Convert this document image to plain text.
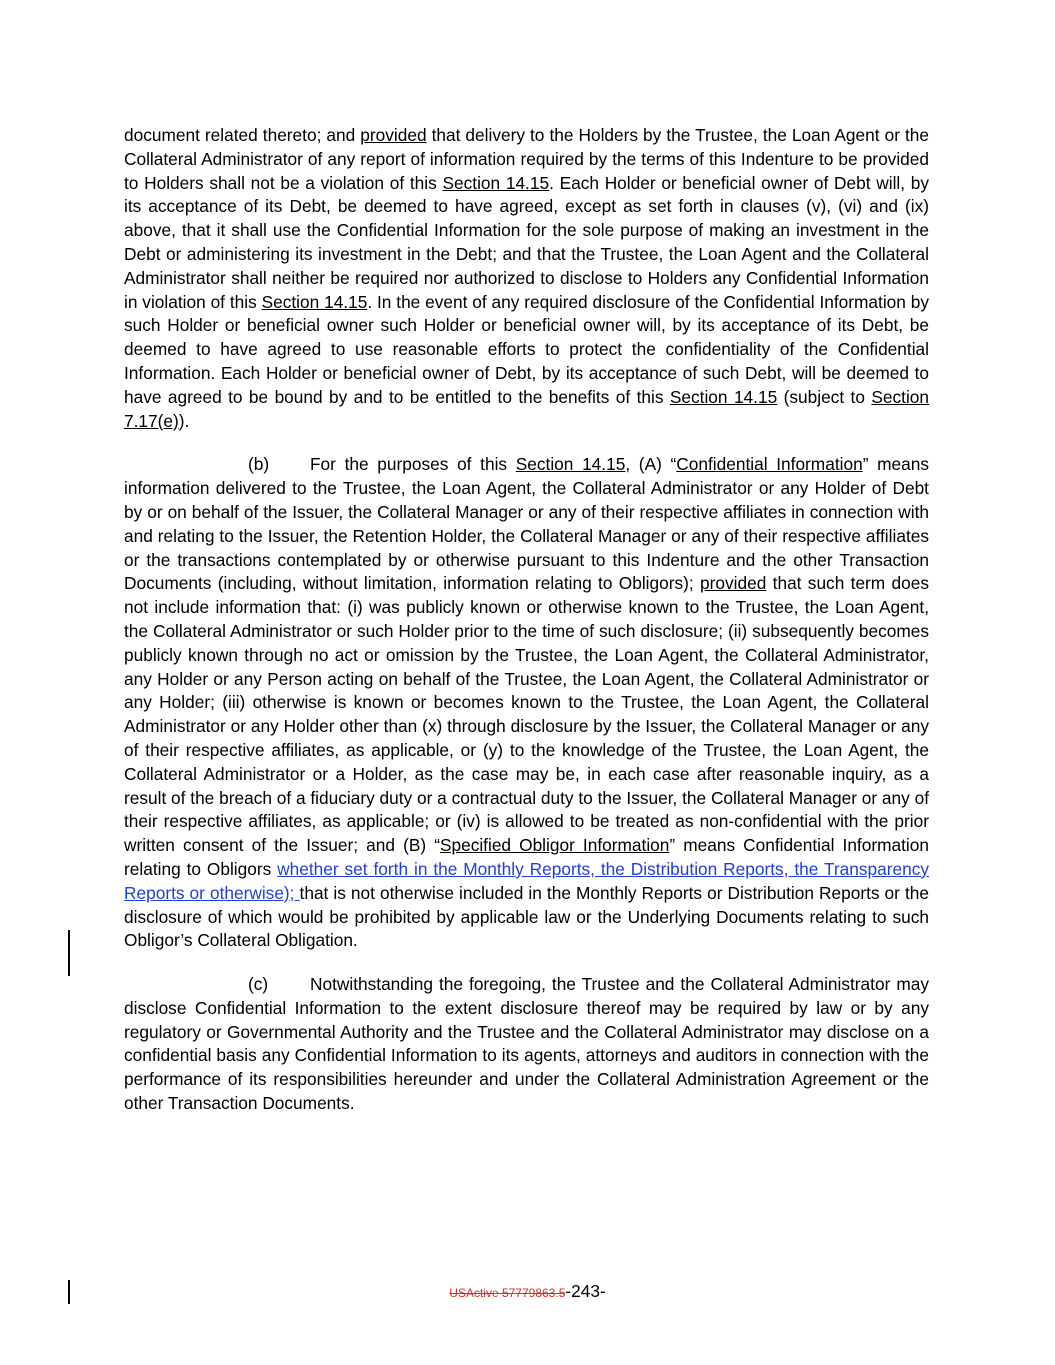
document related thereto; and provided that delivery to the Holders by the Trustee, the Loan Agent or the Collateral Administrator of any report of information required by the terms of this Indenture to be provided to Holders shall not be a violation of this Section 14.15. Each Holder or beneficial owner of Debt will, by its acceptance of its Debt, be deemed to have agreed, except as set forth in clauses (v), (vi) and (ix) above, that it shall use the Confidential Information for the sole purpose of making an investment in the Debt or administering its investment in the Debt; and that the Trustee, the Loan Agent and the Collateral Administrator shall neither be required nor authorized to disclose to Holders any Confidential Information in violation of this Section 14.15. In the event of any required disclosure of the Confidential Information by such Holder or beneficial owner such Holder or beneficial owner will, by its acceptance of its Debt, be deemed to have agreed to use reasonable efforts to protect the confidentiality of the Confidential Information. Each Holder or beneficial owner of Debt, by its acceptance of such Debt, will be deemed to have agreed to be bound by and to be entitled to the benefits of this Section 14.15 (subject to Section 7.17(e)).

(b) For the purposes of this Section 14.15, (A) “Confidential Information” means information delivered to the Trustee, the Loan Agent, the Collateral Administrator or any Holder of Debt by or on behalf of the Issuer, the Collateral Manager or any of their respective affiliates in connection with and relating to the Issuer, the Retention Holder, the Collateral Manager or any of their respective affiliates or the transactions contemplated by or otherwise pursuant to this Indenture and the other Transaction Documents (including, without limitation, information relating to Obligors); provided that such term does not include information that: (i) was publicly known or otherwise known to the Trustee, the Loan Agent, the Collateral Administrator or such Holder prior to the time of such disclosure; (ii) subsequently becomes publicly known through no act or omission by the Trustee, the Loan Agent, the Collateral Administrator, any Holder or any Person acting on behalf of the Trustee, the Loan Agent, the Collateral Administrator or any Holder; (iii) otherwise is known or becomes known to the Trustee, the Loan Agent, the Collateral Administrator or any Holder other than (x) through disclosure by the Issuer, the Collateral Manager or any of their respective affiliates, as applicable, or (y) to the knowledge of the Trustee, the Loan Agent, the Collateral Administrator or a Holder, as the case may be, in each case after reasonable inquiry, as a result of the breach of a fiduciary duty or a contractual duty to the Issuer, the Collateral Manager or any of their respective affiliates, as applicable; or (iv) is allowed to be treated as non-confidential with the prior written consent of the Issuer; and (B) “Specified Obligor Information” means Confidential Information relating to Obligors whether set forth in the Monthly Reports, the Distribution Reports, the Transparency Reports or otherwise); that is not otherwise included in the Monthly Reports or Distribution Reports or the disclosure of which would be prohibited by applicable law or the Underlying Documents relating to such Obligor’s Collateral Obligation.

(c) Notwithstanding the foregoing, the Trustee and the Collateral Administrator may disclose Confidential Information to the extent disclosure thereof may be required by law or by any regulatory or Governmental Authority and the Trustee and the Collateral Administrator may disclose on a confidential basis any Confidential Information to its agents, attorneys and auditors in connection with the performance of its responsibilities hereunder and under the Collateral Administration Agreement or the other Transaction Documents.

USActive 57779863.5-243-
